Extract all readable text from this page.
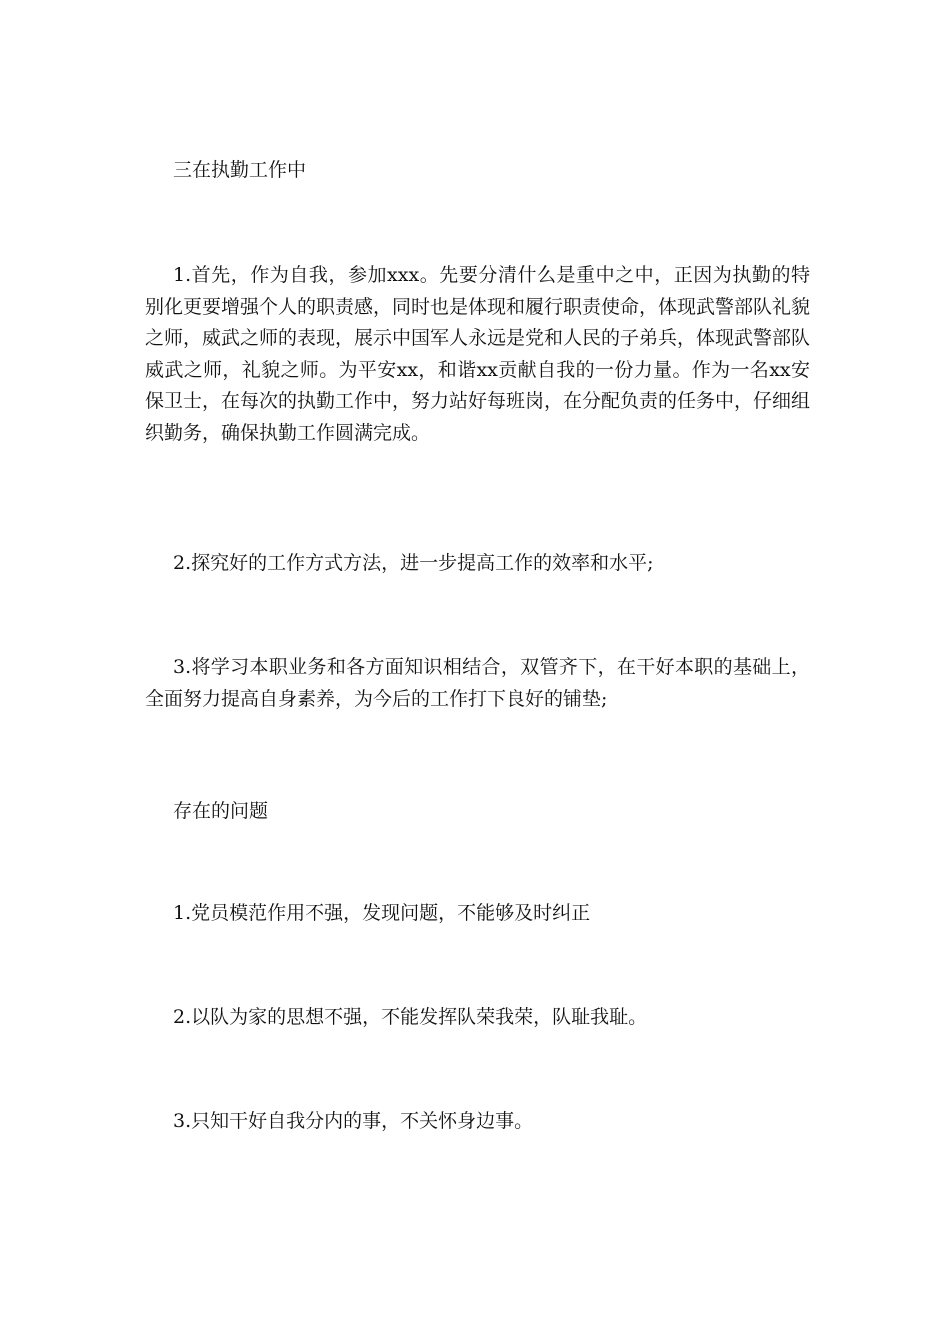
三在执勤工作中

1.首先，作为自我，参加xxx。先要分清什么是重中之中，正因为执勤的特别化更要增强个人的职责感，同时也是体现和履行职责使命，体现武警部队礼貌之师，威武之师的表现，展示中国军人永远是党和人民的子弟兵，体现武警部队威武之师，礼貌之师。为平安xx，和谐xx贡献自我的一份力量。作为一名xx安保卫士，在每次的执勤工作中，努力站好每班岗，在分配负责的任务中，仔细组织勤务，确保执勤工作圆满完成。

2.探究好的工作方式方法，进一步提高工作的效率和水平;

3.将学习本职业务和各方面知识相结合，双管齐下，在干好本职的基础上，全面努力提高自身素养，为今后的工作打下良好的铺垫;

存在的问题

1.党员模范作用不强，发现问题，不能够及时纠正

2.以队为家的思想不强，不能发挥队荣我荣，队耻我耻。

3.只知干好自我分内的事，不关怀身边事。
